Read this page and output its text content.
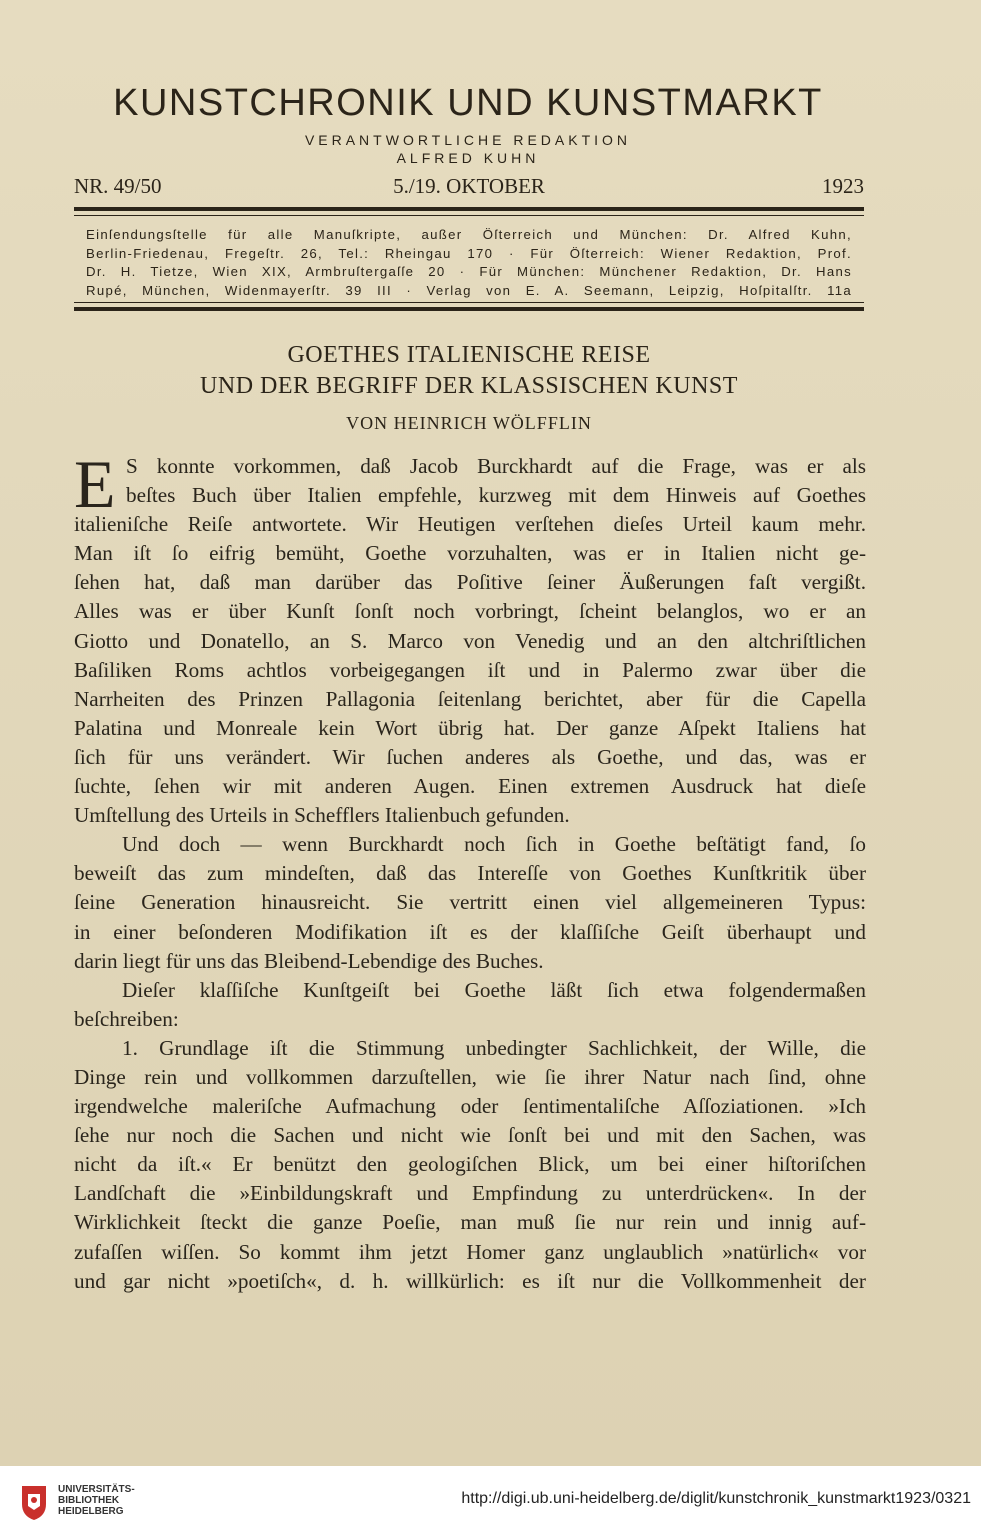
KUNSTCHRONIK UND KUNSTMARKT
VERANTWORTLICHE REDAKTION
ALFRED KUHN
5./19. OKTOBER
NR. 49/50	1923
Einſendungsſtelle für alle Manuſkripte, außer Öſterreich und München: Dr. Alfred Kuhn,
Berlin-Friedenau, Fregeſtr. 26, Tel.: Rheingau 170 · Für Öſterreich: Wiener Redaktion, Prof.
Dr. H. Tietze, Wien XIX, Armbruſtergaſſe 20 · Für München: Münchener Redaktion, Dr. Hans
Rupé, München, Widenmayerſtr. 39 III · Verlag von E. A. Seemann, Leipzig, Hoſpitalſtr. 11a
GOETHES ITALIENISCHE REISE
UND DER BEGRIFF DER KLASSISCHEN KUNST
VON HEINRICH WÖLFFLIN
E S konnte vorkommen, daß Jacob Burckhardt auf die Frage, was er als
beſtes Buch über Italien empfehle, kurzweg mit dem Hinweis auf Goethes
italieniſche Reiſe antwortete. Wir Heutigen verſtehen dieſes Urteil kaum mehr.
Man iſt ſo eifrig bemüht, Goethe vorzuhalten, was er in Italien nicht ge-
ſehen hat, daß man darüber das Poſitive ſeiner Äußerungen faſt vergißt.
Alles was er über Kunſt ſonſt noch vorbringt, ſcheint belanglos, wo er an
Giotto und Donatello, an S. Marco von Venedig und an den altchriſtlichen
Baſiliken Roms achtlos vorbeigegangen iſt und in Palermo zwar über die
Narrheiten des Prinzen Pallagonia ſeitenlang berichtet, aber für die Capella
Palatina und Monreale kein Wort übrig hat. Der ganze Aſpekt Italiens hat
ſich für uns verändert. Wir ſuchen anderes als Goethe, und das, was er
ſuchte, ſehen wir mit anderen Augen. Einen extremen Ausdruck hat dieſe
Umſtellung des Urteils in Schefflers Italienbuch gefunden.
Und doch — wenn Burckhardt noch ſich in Goethe beſtätigt fand, ſo
beweiſt das zum mindeſten, daß das Intereſſe von Goethes Kunſtkritik über
ſeine Generation hinausreicht. Sie vertritt einen viel allgemeineren Typus:
in einer beſonderen Modifikation iſt es der klaſſiſche Geiſt überhaupt und
darin liegt für uns das Bleibend-Lebendige des Buches.
Dieſer klaſſiſche Kunſtgeiſt bei Goethe läßt ſich etwa folgendermaßen
beſchreiben:
1. Grundlage iſt die Stimmung unbedingter Sachlichkeit, der Wille, die
Dinge rein und vollkommen darzuſtellen, wie ſie ihrer Natur nach ſind, ohne
irgendwelche maleriſche Aufmachung oder ſentimentaliſche Aſſoziationen. »Ich
ſehe nur noch die Sachen und nicht wie ſonſt bei und mit den Sachen, was
nicht da iſt.« Er benützt den geologiſchen Blick, um bei einer hiſtoriſchen
Landſchaft die »Einbildungskraft und Empfindung zu unterdrücken«. In der
Wirklichkeit ſteckt die ganze Poeſie, man muß ſie nur rein und innig auf-
zufaſſen wiſſen. So kommt ihm jetzt Homer ganz unglaublich »natürlich« vor
und gar nicht »poetiſch«, d. h. willkürlich: es iſt nur die Vollkommenheit der
UNIVERSITÄTS-
BIBLIOTHEK
HEIDELBERG
http://digi.ub.uni-heidelberg.de/diglit/kunstchronik_kunstmarkt1923/0321
